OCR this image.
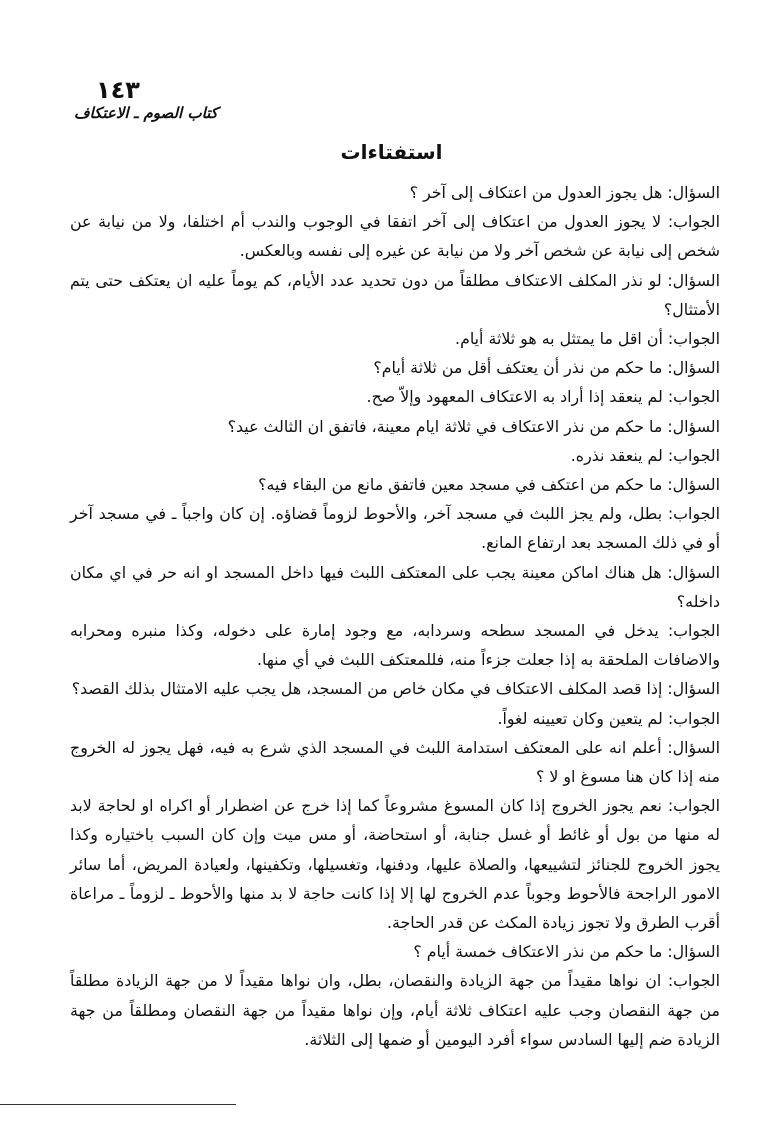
١٤٣
كتاب الصوم ـ الاعتكاف
استفتاءات

السؤال: هل يجوز العدول من اعتكاف إلى آخر ؟

الجواب: لا يجوز العدول من اعتكاف إلى آخر اتفقا في الوجوب والندب أم اختلفا، ولا من نيابة عن شخص إلى نيابة عن شخص آخر ولا من نيابة عن غيره إلى نفسه وبالعكس.

السؤال: لو نذر المكلف الاعتكاف مطلقاً من دون تحديد عدد الأيام، كم يوماً عليه ان يعتكف حتى يتم الأمتثال؟

الجواب: أن اقل ما يمتثل به هو ثلاثة أيام.

السؤال: ما حكم من نذر أن يعتكف أقل من ثلاثة أيام؟

الجواب: لم ينعقد إذا أراد به الاعتكاف المعهود وإلاّ صح.

السؤال: ما حكم من نذر الاعتكاف في ثلاثة ايام معينة، فاتفق ان الثالث عيد؟

الجواب: لم ينعقد نذره.

السؤال: ما حكم من اعتكف في مسجد معين فاتفق مانع من البقاء فيه؟

الجواب: بطل، ولم يجز اللبث في مسجد آخر، والأحوط لزوماً قضاؤه. إن كان واجباً ـ في مسجد آخر أو في ذلك المسجد بعد ارتفاع المانع.

السؤال: هل هناك اماكن معينة يجب على المعتكف اللبث فيها داخل المسجد او انه حر في اي مكان داخله؟

الجواب: يدخل في المسجد سطحه وسردابه، مع وجود إمارة على دخوله، وكذا منبره ومحرابه والاضافات الملحقة به إذا جعلت جزءاً منه، فللمعتكف اللبث في أي منها.

السؤال: إذا قصد المكلف الاعتكاف في مكان خاص من المسجد، هل يجب عليه الامتثال بذلك القصد؟

الجواب: لم يتعين وكان تعيينه لغواً.

السؤال: أعلم انه على المعتكف استدامة اللبث في المسجد الذي شرع به فيه، فهل يجوز له الخروج منه إذا كان هنا مسوغ او لا ؟

الجواب: نعم يجوز الخروج إذا كان المسوغ مشروعاً كما إذا خرج عن اضطرار أو اكراه او لحاجة لابد له منها من بول أو غائط أو غسل جنابة، أو استحاضة، أو مس ميت وإن كان السبب باختياره وكذا يجوز الخروج للجنائز لتشييعها، والصلاة عليها، ودفنها، وتغسيلها، وتكفينها، ولعيادة المريض، أما سائر الامور الراجحة فالأحوط وجوباً عدم الخروج لها إلا إذا كانت حاجة لا بد منها والأحوط ـ لزوماً ـ مراعاة أقرب الطرق ولا تجوز زيادة المكث عن قدر الحاجة.

السؤال: ما حكم من نذر الاعتكاف خمسة أيام ؟

الجواب: ان نواها مقيداً من جهة الزيادة والنقصان، بطل، وان نواها مقيداً لا من جهة الزيادة مطلقاً من جهة النقصان وجب عليه اعتكاف ثلاثة أيام، وإن نواها مقيداً من جهة النقصان ومطلقاً من جهة الزيادة ضم إليها السادس سواء أفرد اليومين أو ضمها إلى الثلاثة.
